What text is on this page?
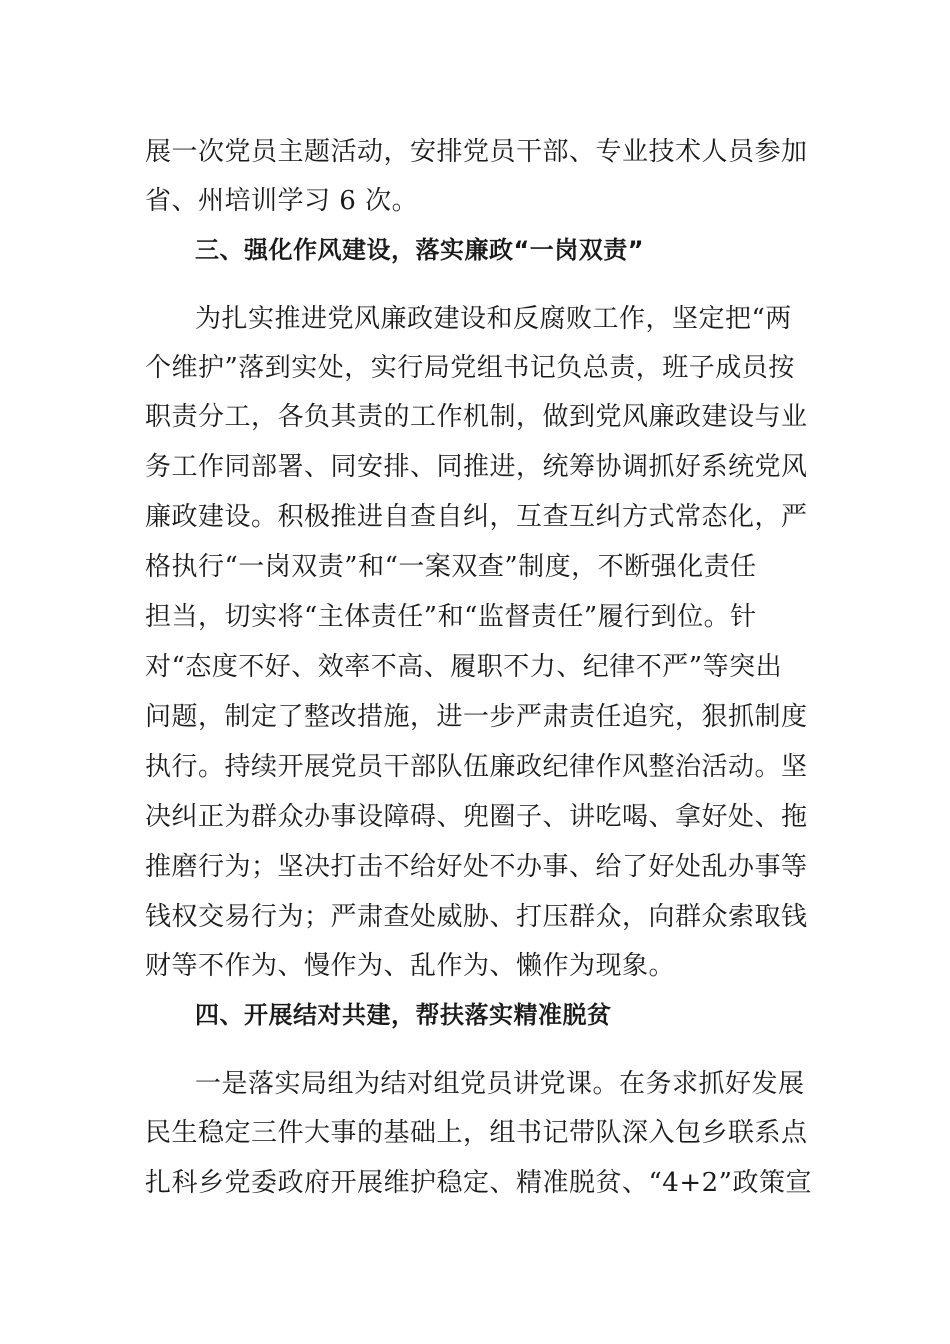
展一次党员主题活动，安排党员干部、专业技术人员参加
省、州培训学习 6 次。
三、强化作风建设，落实廉政“一岗双责”
为扎实推进党风廉政建设和反腐败工作，坚定把“两
个维护”落到实处，实行局党组书记负总责，班子成员按
职责分工，各负其责的工作机制，做到党风廉政建设与业
务工作同部署、同安排、同推进，统筹协调抓好系统党风
廉政建设。积极推进自查自纠，互查互纠方式常态化，严
格执行“一岗双责”和“一案双查”制度，不断强化责任
担当，切实将“主体责任”和“监督责任”履行到位。针
对“态度不好、效率不高、履职不力、纪律不严”等突出
问题，制定了整改措施，进一步严肃责任追究，狠抓制度
执行。持续开展党员干部队伍廉政纪律作风整治活动。坚
决纠正为群众办事设障碍、兜圈子、讲吃喝、拿好处、拖
推磨行为；坚决打击不给好处不办事、给了好处乱办事等
钱权交易行为；严肃查处威胁、打压群众，向群众索取钱
财等不作为、慢作为、乱作为、懒作为现象。
四、开展结对共建，帮扶落实精准脱贫
一是落实局组为结对组党员讲党课。在务求抓好发展
民生稳定三件大事的基础上，组书记带队深入包乡联系点
扎科乡党委政府开展维护稳定、精准脱贫、“4+2”政策宣
